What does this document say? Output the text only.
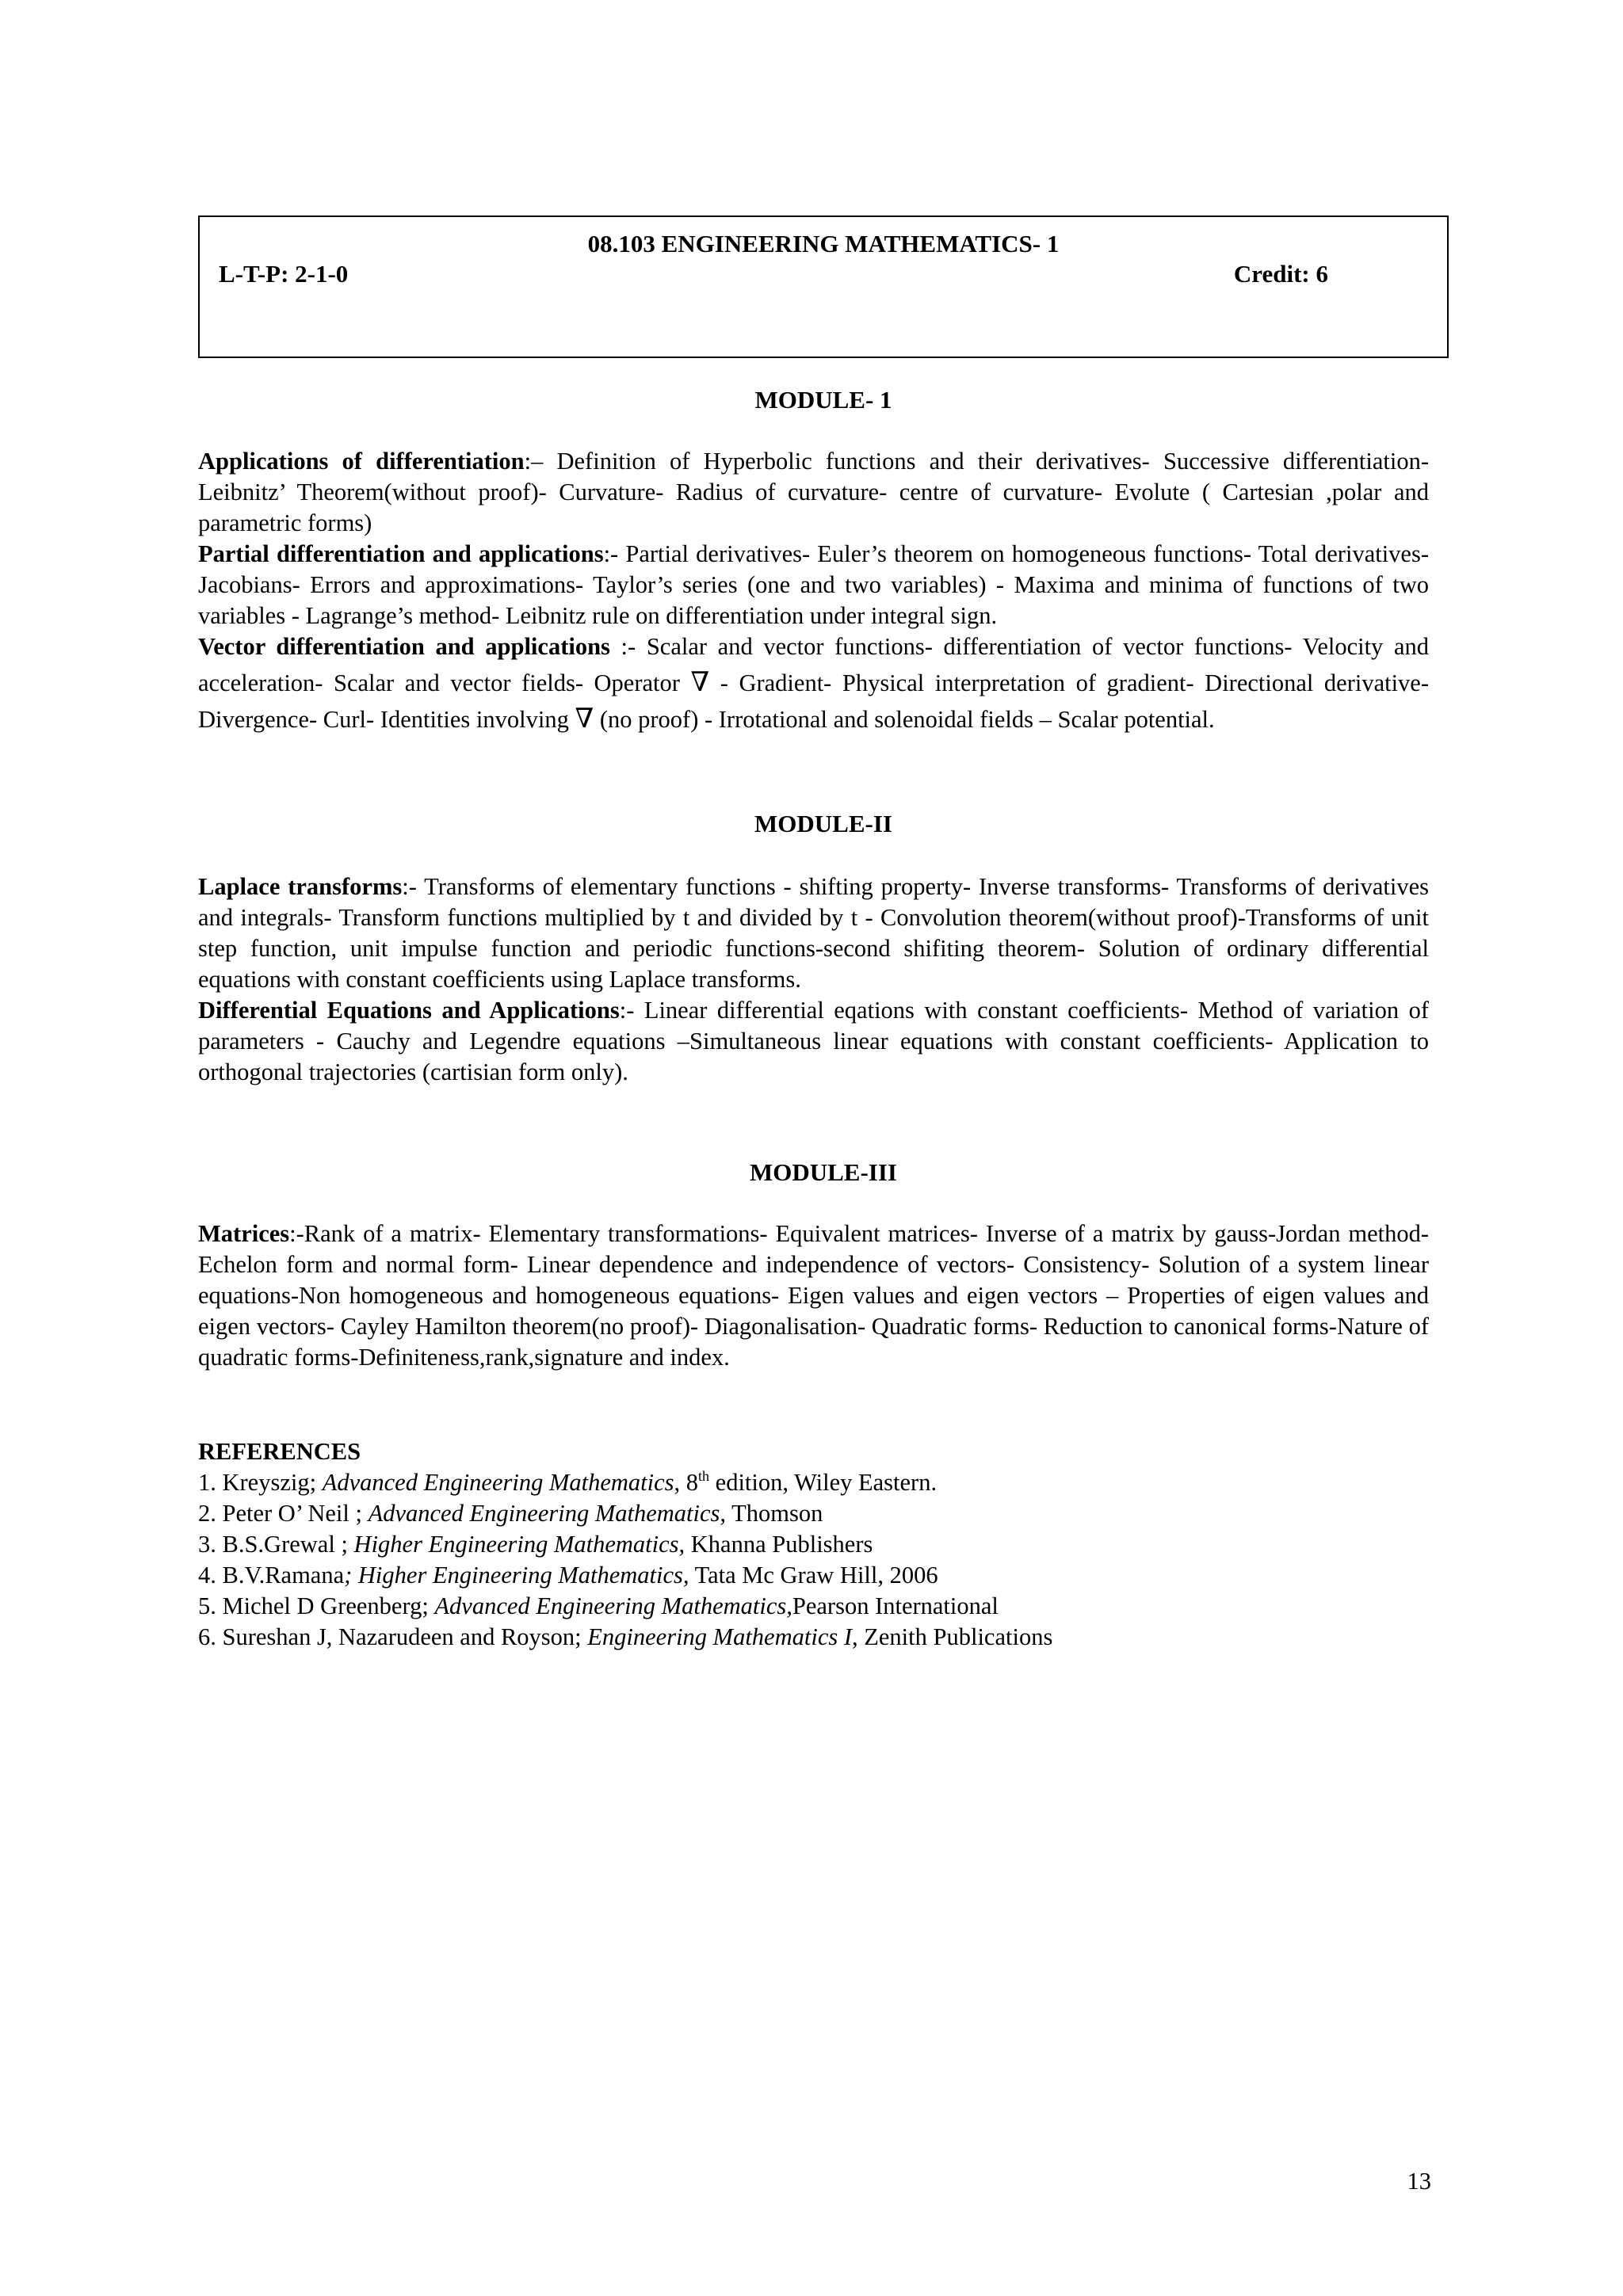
08.103 ENGINEERING MATHEMATICS- 1
L-T-P: 2-1-0	Credit: 6
MODULE- 1

Applications of differentiation:– Definition of Hyperbolic functions and their derivatives- Successive differentiation- Leibnitz’ Theorem(without proof)- Curvature- Radius of curvature- centre of curvature- Evolute ( Cartesian ,polar and parametric forms)

Partial differentiation and applications:- Partial derivatives- Euler’s theorem on homogeneous functions- Total derivatives- Jacobians- Errors and approximations- Taylor’s series (one and two variables) - Maxima and minima of functions of two variables - Lagrange’s method- Leibnitz rule on differentiation under integral sign.

Vector differentiation and applications :- Scalar and vector functions- differentiation of vector functions- Velocity and acceleration- Scalar and vector fields- Operator ∇ - Gradient- Physical interpretation of gradient- Directional derivative- Divergence- Curl- Identities involving ∇ (no proof) - Irrotational and solenoidal fields – Scalar potential.

MODULE-II

Laplace transforms:- Transforms of elementary functions - shifting property- Inverse transforms- Transforms of derivatives and integrals- Transform functions multiplied by t and divided by t - Convolution theorem(without proof)-Transforms of unit step function, unit impulse function and periodic functions-second shifiting theorem- Solution of ordinary differential equations with constant coefficients using Laplace transforms.

Differential Equations and Applications:- Linear differential eqations with constant coefficients- Method of variation of parameters - Cauchy and Legendre equations –Simultaneous linear equations with constant coefficients- Application to orthogonal trajectories (cartisian form only).

MODULE-III

Matrices:-Rank of a matrix- Elementary transformations- Equivalent matrices- Inverse of a matrix by gauss-Jordan method- Echelon form and normal form- Linear dependence and independence of vectors- Consistency- Solution of a system linear equations-Non homogeneous and homogeneous equations- Eigen values and eigen vectors – Properties of eigen values and eigen vectors- Cayley Hamilton theorem(no proof)- Diagonalisation- Quadratic forms- Reduction to canonical forms-Nature of quadratic forms-Definiteness,rank,signature and index.

REFERENCES
1. Kreyszig; Advanced Engineering Mathematics, 8th edition, Wiley Eastern.
2. Peter O’ Neil ; Advanced Engineering Mathematics, Thomson
3. B.S.Grewal ; Higher Engineering Mathematics, Khanna Publishers
4. B.V.Ramana; Higher Engineering Mathematics, Tata Mc Graw Hill, 2006
5. Michel D Greenberg; Advanced Engineering Mathematics,Pearson International
6. Sureshan J, Nazarudeen and Royson; Engineering Mathematics I, Zenith Publications
13
